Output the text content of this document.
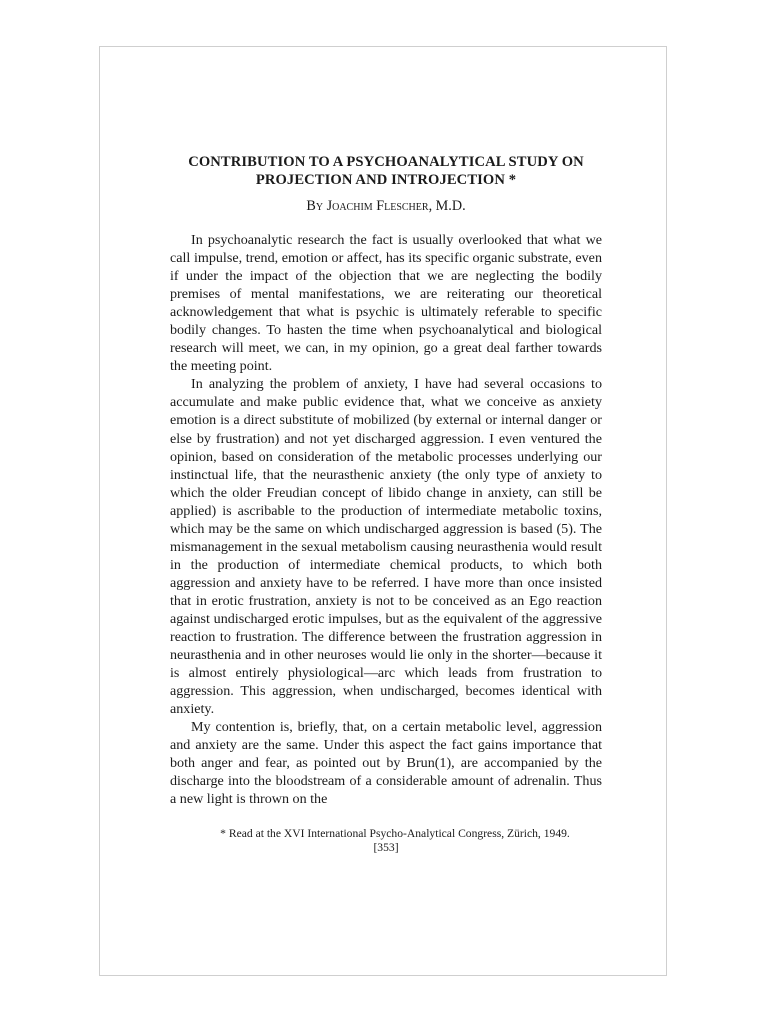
CONTRIBUTION TO A PSYCHOANALYTICAL STUDY ON
PROJECTION AND INTROJECTION *
By Joachim Flescher, M.D.

In psychoanalytic research the fact is usually overlooked that what we call impulse, trend, emotion or affect, has its specific organic substrate, even if under the impact of the objection that we are neglecting the bodily premises of mental manifestations, we are reiterating our theoretical acknowledgement that what is psychic is ultimately referable to specific bodily changes. To hasten the time when psychoanalytical and biological research will meet, we can, in my opinion, go a great deal farther towards the meeting point.

In analyzing the problem of anxiety, I have had several occasions to accumulate and make public evidence that, what we conceive as anxiety emotion is a direct substitute of mobilized (by external or internal danger or else by frustration) and not yet discharged aggression. I even ventured the opinion, based on consideration of the metabolic processes underlying our instinctual life, that the neurasthenic anxiety (the only type of anxiety to which the older Freudian concept of libido change in anxiety, can still be applied) is ascribable to the production of intermediate metabolic toxins, which may be the same on which undischarged aggression is based (5). The mismanagement in the sexual metabolism causing neurasthenia would result in the production of intermediate chemical products, to which both aggression and anxiety have to be referred. I have more than once insisted that in erotic frustration, anxiety is not to be conceived as an Ego reaction against undischarged erotic impulses, but as the equivalent of the aggressive reaction to frustration. The difference between the frustration aggression in neurasthenia and in other neuroses would lie only in the shorter—because it is almost entirely physiological—arc which leads from frustration to aggression. This aggression, when undischarged, becomes identical with anxiety.

My contention is, briefly, that, on a certain metabolic level, aggression and anxiety are the same. Under this aspect the fact gains importance that both anger and fear, as pointed out by Brun(1), are accompanied by the discharge into the bloodstream of a considerable amount of adrenalin. Thus a new light is thrown on the

* Read at the XVI International Psycho-Analytical Congress, Zürich, 1949.
[353]
